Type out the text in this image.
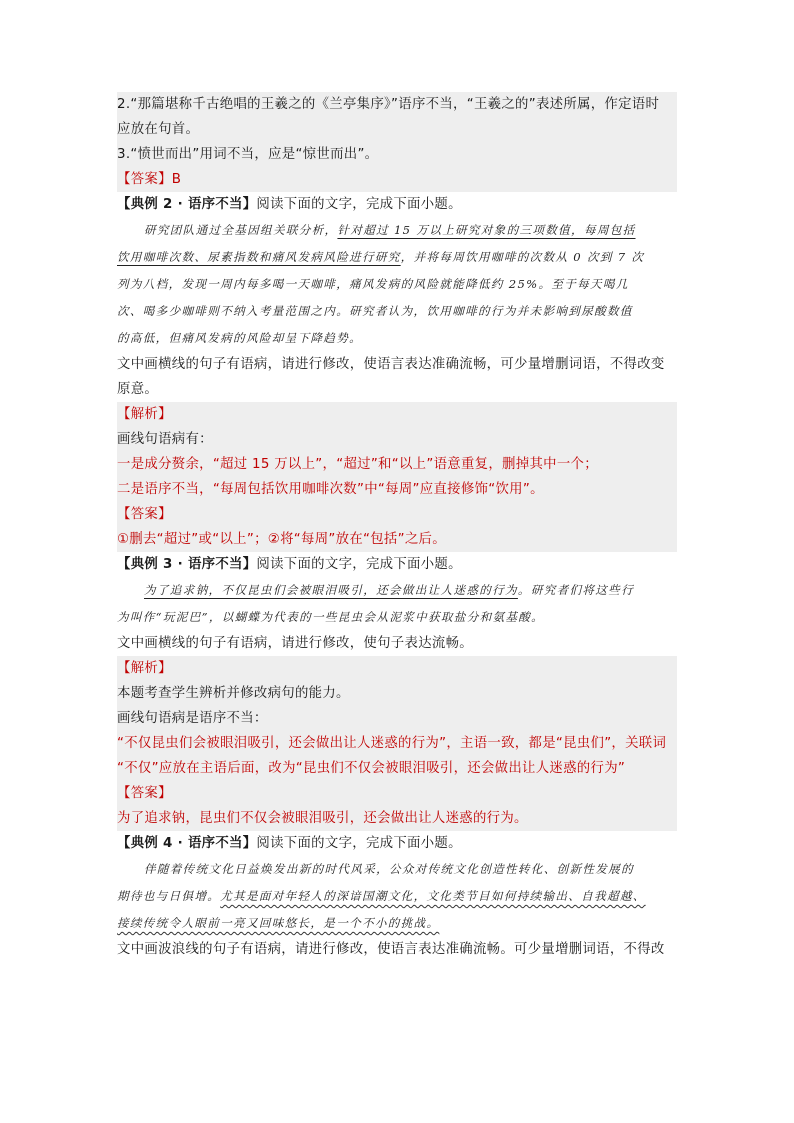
2.“那篇堪称千古绝唱的王羲之的《兰亭集序》”语序不当，“王羲之的”表述所属，作定语时
应放在句首。
3.“愤世而出”用词不当，应是“惊世而出”。
【答案】B
【典例 2 · 语序不当】阅读下面的文字，完成下面小题。
研究团队通过全基因组关联分析，针对超过 15 万以上研究对象的三项数值，每周包括
饮用咖啡次数、尿素指数和痛风发病风险进行研究，并将每周饮用咖啡的次数从 0 次到 7 次
列为八档，发现一周内每多喝一天咖啡，痛风发病的风险就能降低约 25%。至于每天喝几
次、喝多少咖啡则不纳入考量范围之内。研究者认为，饮用咖啡的行为并未影响到尿酸数值
的高低，但痛风发病的风险却呈下降趋势。
文中画横线的句子有语病，请进行修改，使语言表达准确流畅，可少量增删词语，不得改变
原意。
【解析】
画线句语病有：
一是成分赘余，“超过 15 万以上”，“超过”和“以上”语意重复，删掉其中一个；
二是语序不当，“每周包括饮用咖啡次数”中“每周”应直接修饰“饮用”。
【答案】
①删去“超过”或“以上”；②将“每周”放在“包括”之后。
【典例 3 · 语序不当】阅读下面的文字，完成下面小题。
为了追求钠，不仅昆虫们会被眼泪吸引，还会做出让人迷惑的行为。研究者们将这些行
为叫作“玩泥巴”，以蝴蝶为代表的一些昆虫会从泥浆中获取盐分和氨基酸。
文中画横线的句子有语病，请进行修改，使句子表达流畅。
【解析】
本题考查学生辨析并修改病句的能力。
画线句语病是语序不当：
“不仅昆虫们会被眼泪吸引，还会做出让人迷惑的行为”，主语一致，都是“昆虫们”，关联词
“不仅”应放在主语后面，改为“昆虫们不仅会被眼泪吸引，还会做出让人迷惑的行为”
【答案】
为了追求钠，昆虫们不仅会被眼泪吸引，还会做出让人迷惑的行为。
【典例 4 · 语序不当】阅读下面的文字，完成下面小题。
伴随着传统文化日益焕发出新的时代风采，公众对传统文化创造性转化、创新性发展的
期待也与日俱增。尤其是面对年轻人的深谙国潮文化，文化类节目如何持续输出、自我超越、
接续传统令人眼前一亮又回味悠长，是一个不小的挑战。
文中画波浪线的句子有语病，请进行修改，使语言表达准确流畅。可少量增删词语，不得改
